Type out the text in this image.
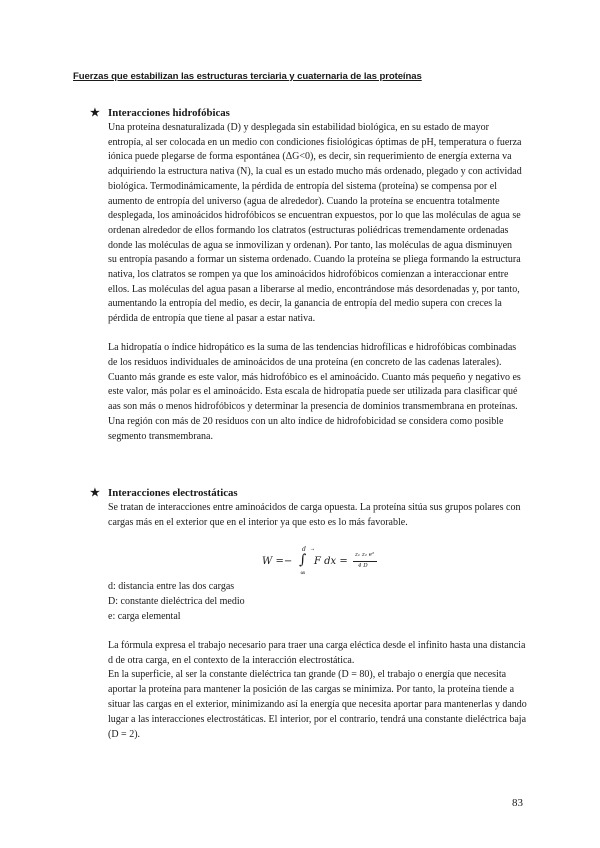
Fuerzas que estabilizan las estructuras terciaria y cuaternaria de las proteínas
★ Interacciones hidrofóbicas

Una proteína desnaturalizada (D) y desplegada sin estabilidad biológica, en su estado de mayor entropía, al ser colocada en un medio con condiciones fisiológicas óptimas de pH, temperatura o fuerza iónica puede plegarse de forma espontánea (ΔG<0), es decir, sin requerimiento de energía externa va adquiriendo la estructura nativa (N), la cual es un estado mucho más ordenado, plegado y con actividad biológica. Termodinámicamente, la pérdida de entropía del sistema (proteína) se compensa por el aumento de entropía del universo (agua de alrededor). Cuando la proteína se encuentra totalmente desplegada, los aminoácidos hidrofóbicos se encuentran expuestos, por lo que las moléculas de agua se ordenan alrededor de ellos formando los clatratos (estructuras poliédricas tremendamente ordenadas donde las moléculas de agua se inmovilizan y ordenan). Por tanto, las moléculas de agua disminuyen su entropía pasando a formar un sistema ordenado. Cuando la proteína se pliega formando la estructura nativa, los clatratos se rompen ya que los aminoácidos hidrofóbicos comienzan a interaccionar entre ellos. Las moléculas del agua pasan a liberarse al medio, encontrándose más desordenadas y, por tanto, aumentando la entropía del medio, es decir, la ganancia de entropía del medio supera con creces la pérdida de entropía que tiene al pasar a estar nativa.

La hidropatía o índice hidropático es la suma de las tendencias hidrofílicas e hidrofóbicas combinadas de los residuos individuales de aminoácidos de una proteína (en concreto de las cadenas laterales). Cuanto más grande es este valor, más hidrofóbico es el aminoácido. Cuanto más pequeño y negativo es este valor, más polar es el aminoácido. Esta escala de hidropatía puede ser utilizada para clasificar qué aas son más o menos hidrofóbicos y determinar la presencia de dominios transmembrana en proteínas. Una región con más de 20 residuos con un alto índice de hidrofobicidad se considera como posible segmento transmembrana.

★ Interacciones electrostáticas

Se tratan de interacciones entre aminoácidos de carga opuesta. La proteína sitúa sus grupos polares con cargas más en el exterior que en el interior ya que esto es lo más favorable.

W =−
d
∫
∞
F dx =
z₁ z₂ e²
4 D

d: distancia entre las dos cargas

D: constante dieléctrica del medio

e: carga elemental

La fórmula expresa el trabajo necesario para traer una carga eléctica desde el infinito hasta una distancia d de otra carga, en el contexto de la interacción electrostática.

En la superficie, al ser la constante dieléctrica tan grande (D = 80), el trabajo o energía que necesita aportar la proteína para mantener la posición de las cargas se minimiza. Por tanto, la proteína tiende a situar las cargas en el exterior, minimizando así la energía que necesita aportar para mantenerlas y dando lugar a las interacciones electrostáticas. El interior, por el contrario, tendrá una constante dieléctrica baja (D = 2).

83
